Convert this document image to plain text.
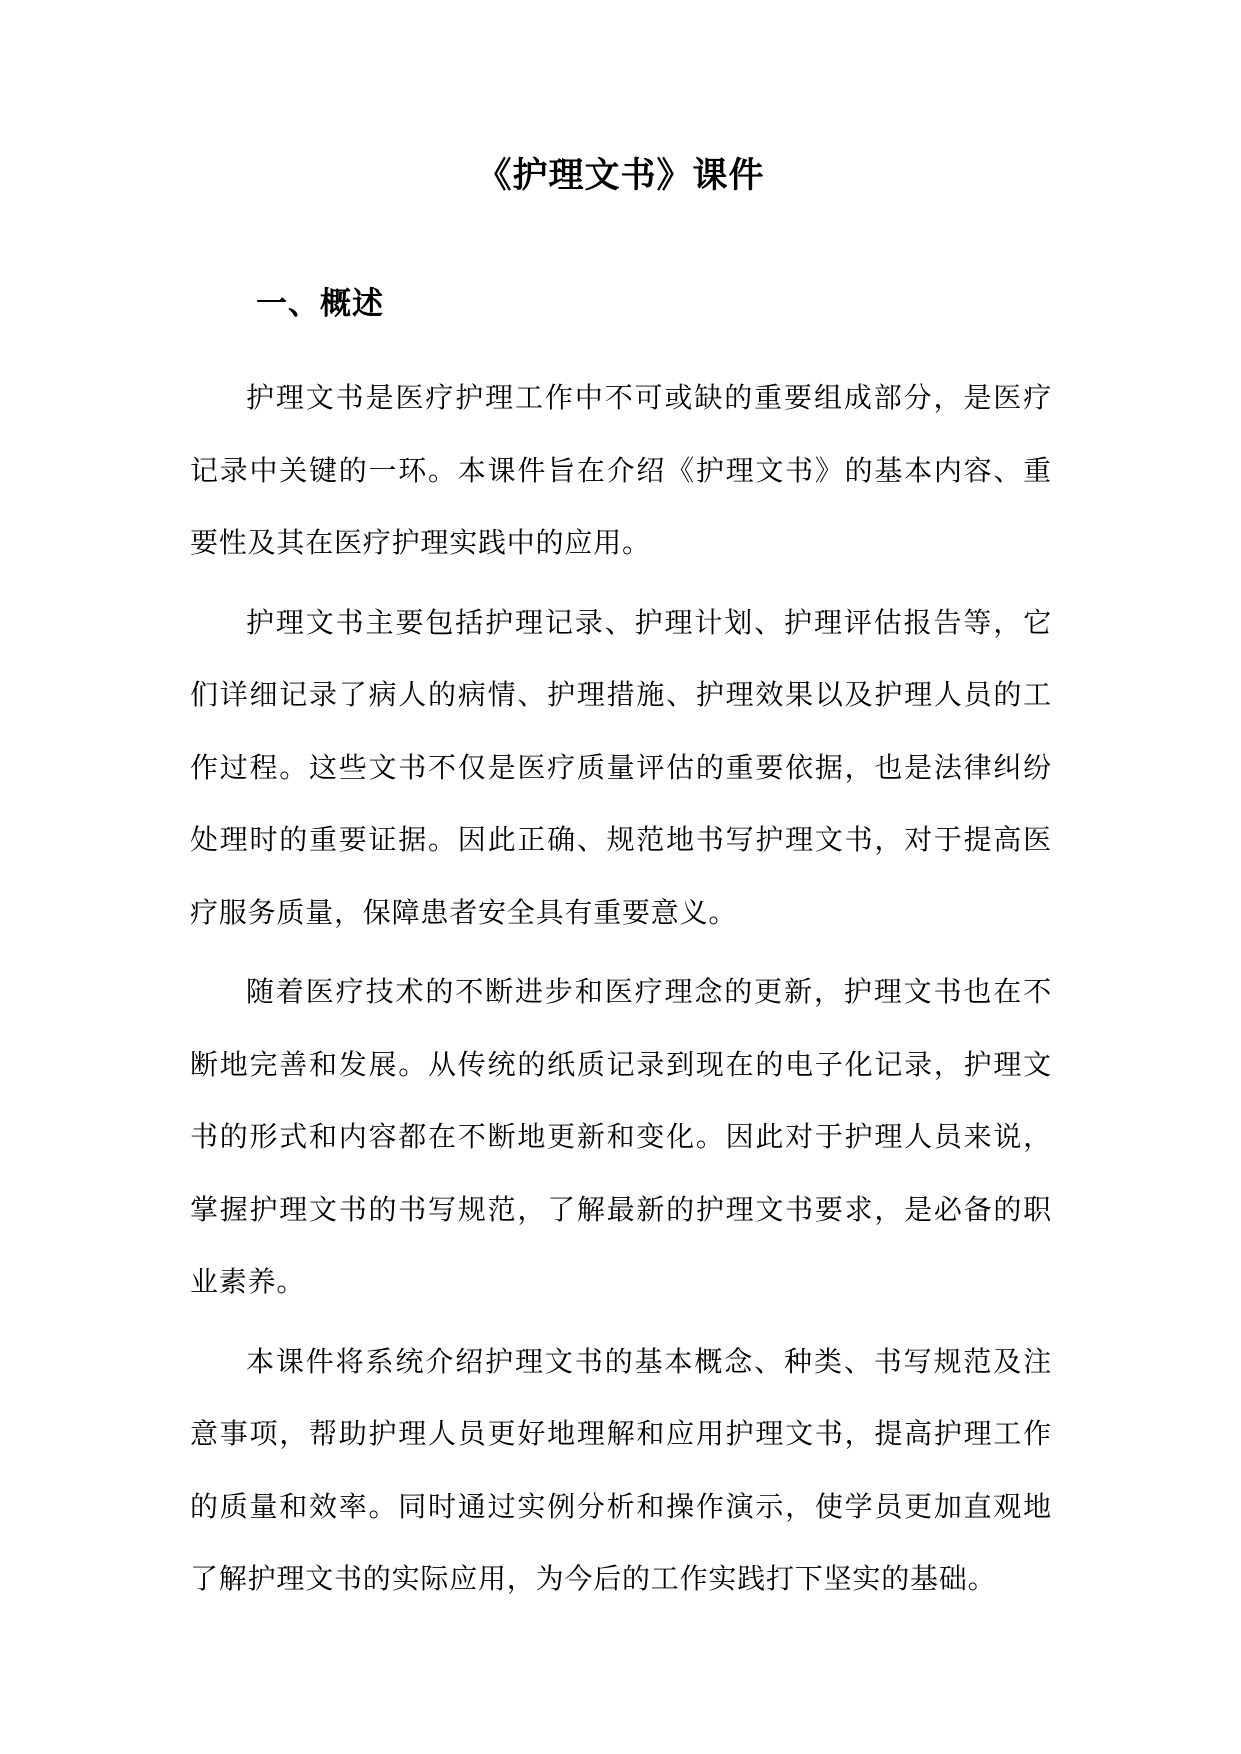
《护理文书》课件
一、概述

护理文书是医疗护理工作中不可或缺的重要组成部分，是医疗记录中关键的一环。本课件旨在介绍《护理文书》的基本内容、重要性及其在医疗护理实践中的应用。

护理文书主要包括护理记录、护理计划、护理评估报告等，它们详细记录了病人的病情、护理措施、护理效果以及护理人员的工作过程。这些文书不仅是医疗质量评估的重要依据，也是法律纠纷处理时的重要证据。因此正确、规范地书写护理文书，对于提高医疗服务质量，保障患者安全具有重要意义。

随着医疗技术的不断进步和医疗理念的更新，护理文书也在不断地完善和发展。从传统的纸质记录到现在的电子化记录，护理文书的形式和内容都在不断地更新和变化。因此对于护理人员来说，掌握护理文书的书写规范，了解最新的护理文书要求，是必备的职业素养。

本课件将系统介绍护理文书的基本概念、种类、书写规范及注意事项，帮助护理人员更好地理解和应用护理文书，提高护理工作的质量和效率。同时通过实例分析和操作演示，使学员更加直观地了解护理文书的实际应用，为今后的工作实践打下坚实的基础。
